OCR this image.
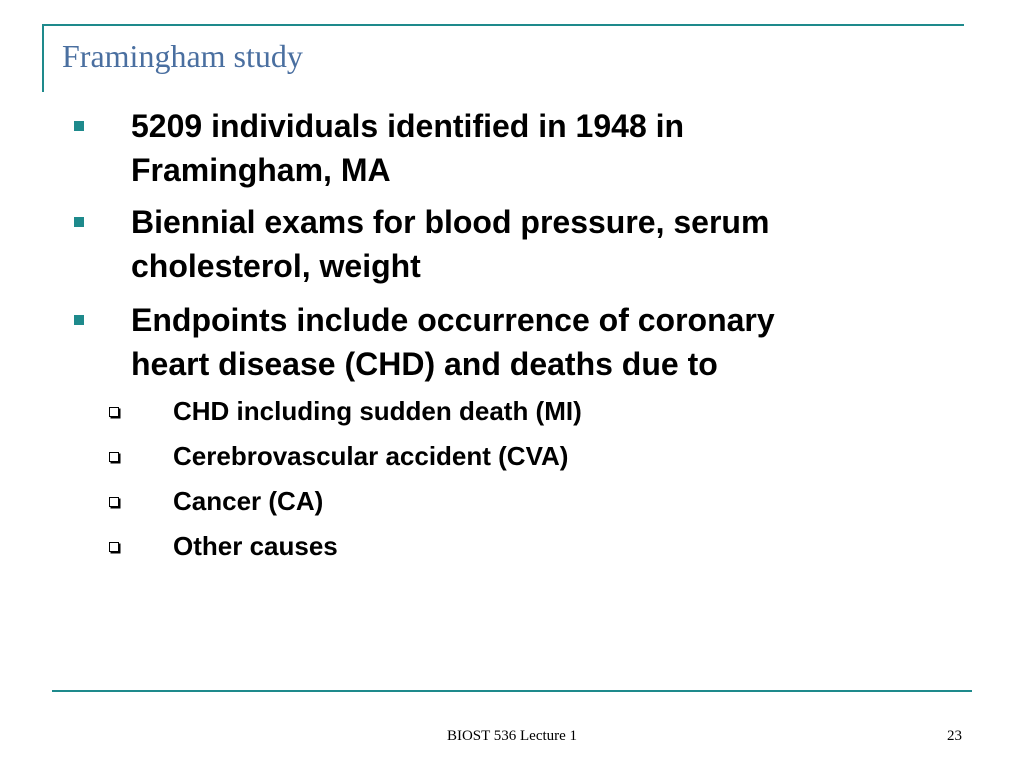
Framingham study
5209 individuals identified in 1948 in
Framingham, MA
Biennial exams for blood pressure, serum
cholesterol, weight
Endpoints include occurrence of coronary
heart disease (CHD) and deaths due to
CHD including sudden death (MI)
Cerebrovascular accident (CVA)
Cancer (CA)
Other causes
BIOST 536 Lecture 1	23
